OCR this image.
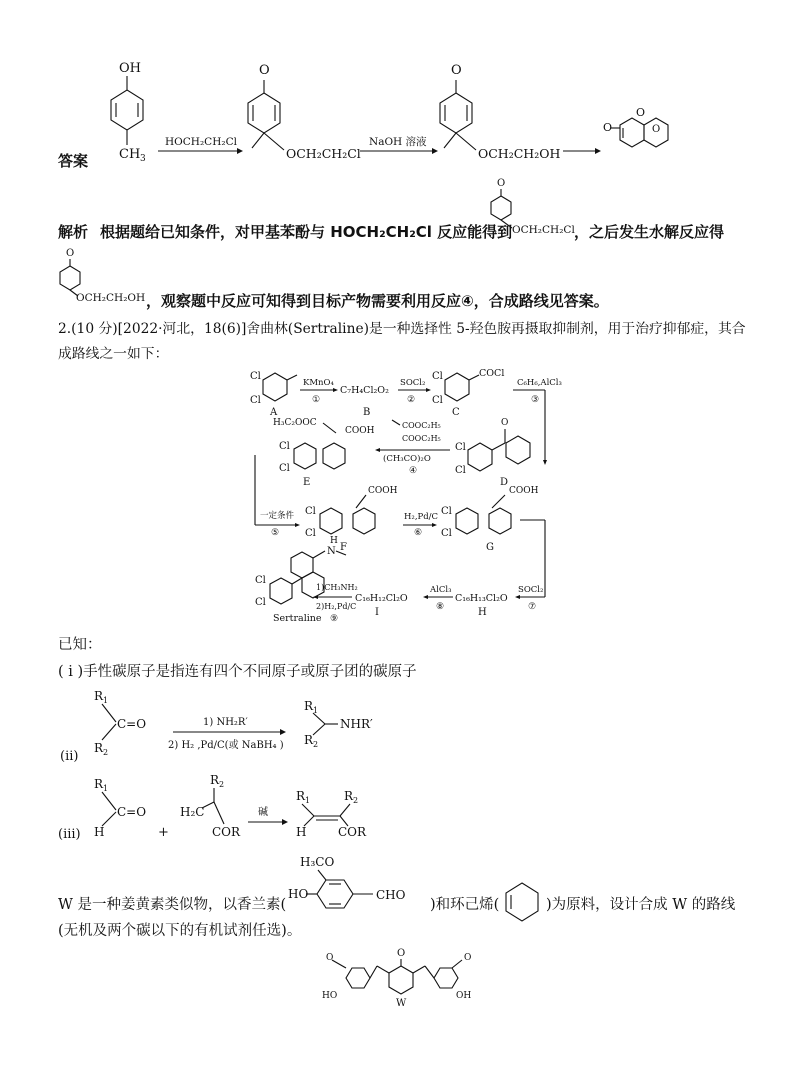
答案
OH
CH 3
HOCH₂CH₂Cl
O
OCH₂CH₂Cl
NaOH 溶液
O
OCH₂CH₂OH
O
O	O
解析 根据题给已知条件，对甲基苯酚与 HOCH₂CH₂Cl 反应能得到
O
OCH₂CH₂Cl ，之后发生水解反应得
O
OCH₂CH₂OH ，观察题中反应可知得到目标产物需要利用反应④，合成路线见答案。
2.(10 分)[2022·河北，18(6)]舍曲林(Sertraline)是一种选择性 5-羟色胺再摄取抑制剂，用于治疗抑郁症，其合
成路线之一如下：
Cl
Cl
A
KMnO₄
①
C₇H₄Cl₂O₂
B
SOCl₂
②
Cl
Cl
COCl
C
C₆H₆,AlCl₃
③
Cl
Cl
O
D
COOC₂H₅
COOC₂H₅
(CH₃CO)₂O
④
H₃C₂OOC
COOH
Cl
Cl
E
一定条件
⑤
Cl
Cl
COOH
F
H₂,Pd/C
⑥
Cl
Cl
COOH
G
SOCl₂
⑦
C₁₆H₁₃Cl₂O
H
AlCl₃
⑧
C₁₆H₁₂Cl₂O
I
1)CH₃NH₂
2)H₂,Pd/C
⑨
Cl
Cl
N
H
Sertraline
已知：
( i )手性碳原子是指连有四个不同原子或原子团的碳原子
(ii)
R 1
R 2
C=O	1) NH₂R′
2) H₂ ,Pd/C(或 NaBH₄ )
R 1
R 2
NHR′
(iii)
R 1
H
C=O
+
R 2
H₂C
COR
碱
R 1	R 2
H	COR
H₃CO
HO	CHO
W 是一种姜黄素类似物，以香兰素(	)和环己烯(	)为原料，设计合成 W 的路线
(无机及两个碳以下的有机试剂任选)。
O
W
O
HO
O
OH
